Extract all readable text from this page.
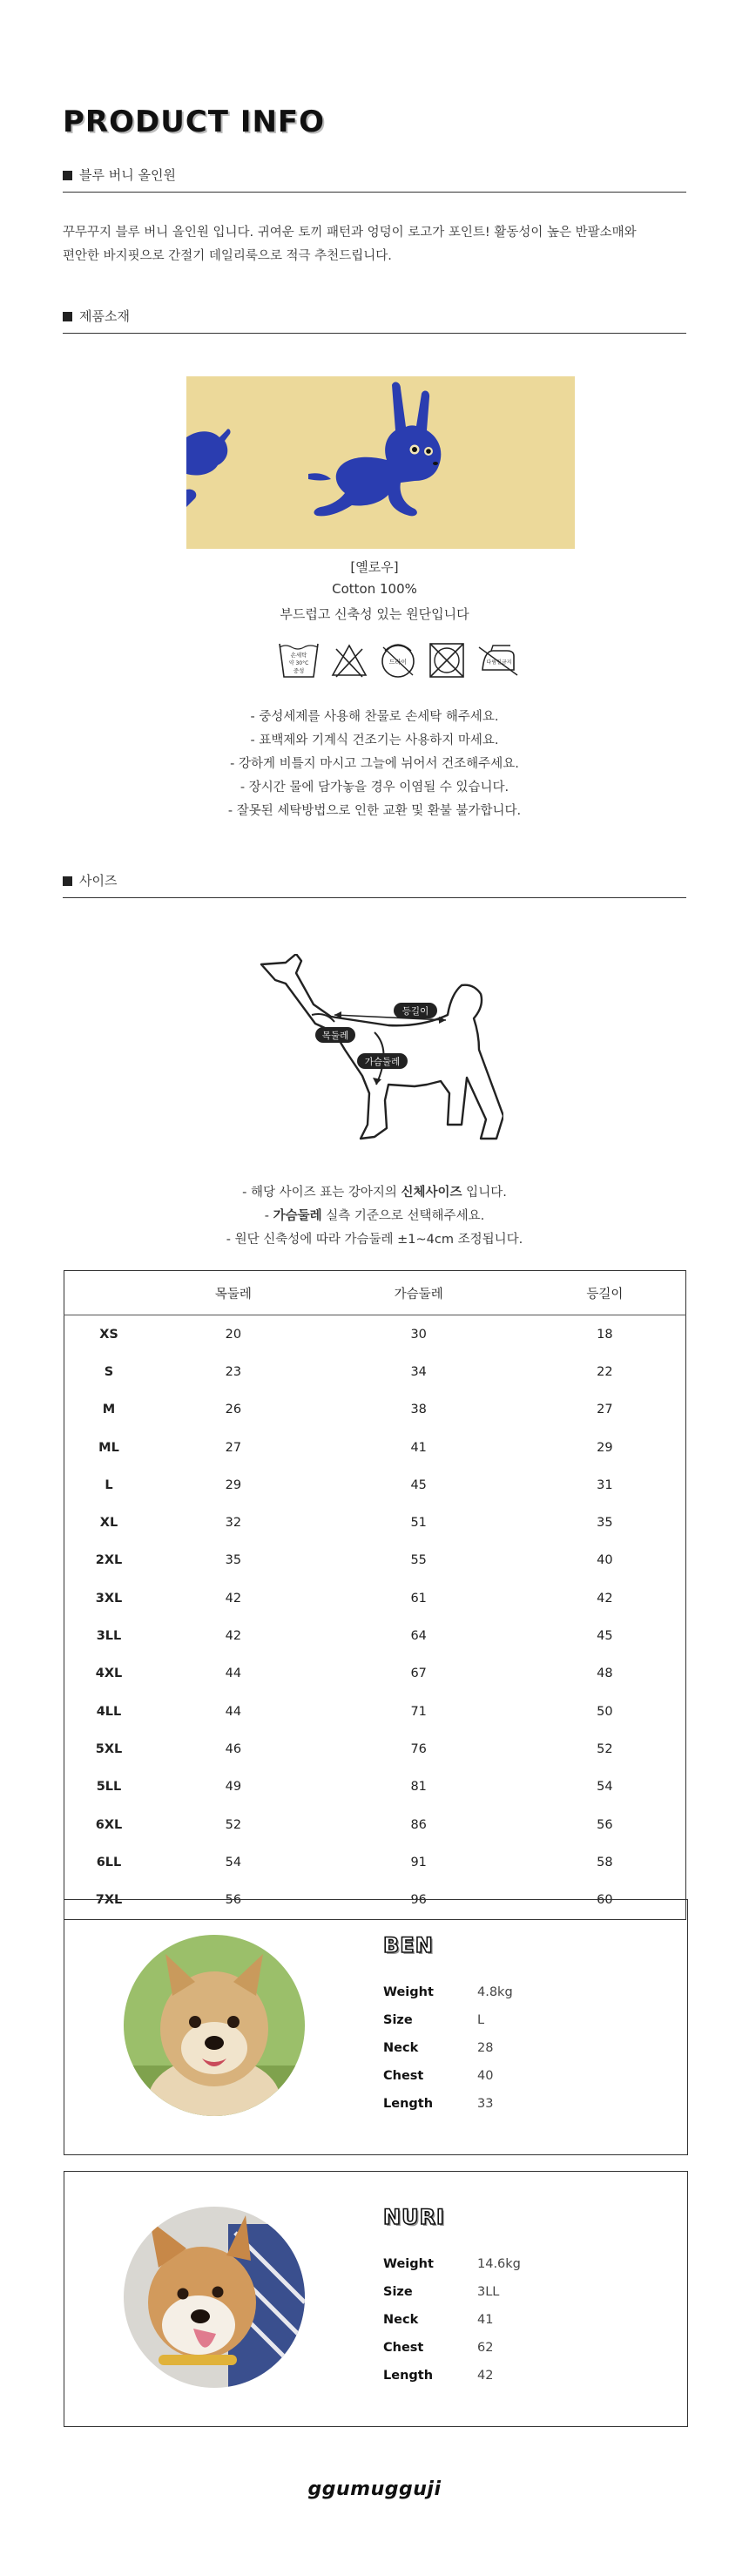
PRODUCT INFO
블루 버니 올인원

꾸무꾸지 블루 버니 올인원 입니다. 귀여운 토끼 패턴과 엉덩이 로고가 포인트! 활동성이 높은 반팔소매와
편안한 바지핏으로 간절기 데일리룩으로 적극 추천드립니다.

제품소재
[옐로우]
Cotton 100%
부드럽고 신축성 있는 원단입니다
손세탁
약 30°C
중성
드라이	다림질금지
- 중성세제를 사용해 찬물로 손세탁 해주세요.
- 표백제와 기계식 건조기는 사용하지 마세요.
- 강하게 비틀지 마시고 그늘에 뉘어서 건조해주세요.
- 장시간 물에 담가놓을 경우 이염될 수 있습니다.
- 잘못된 세탁방법으로 인한 교환 및 환불 불가합니다.
사이즈
등길이
목둘레
가슴둘레
- 해당 사이즈 표는 강아지의 신체사이즈 입니다.
- 가슴둘레 실측 기준으로 선택해주세요.
- 원단 신축성에 따라 가슴둘레 ±1~4cm 조정됩니다.
	목둘레	가슴둘레	등길이
XS	20	30	18
S	23	34	22
M	26	38	27
ML	27	41	29
L	29	45	31
XL	32	51	35
2XL	35	55	40
3XL	42	61	42
3LL	42	64	45
4XL	44	67	48
4LL	44	71	50
5XL	46	76	52
5LL	49	81	54
6XL	52	86	56
6LL	54	91	58
7XL	56	96	60
BEN
Weight	4.8kg
Size	L
Neck	28
Chest	40
Length	33
NURI
Weight	14.6kg
Size	3LL
Neck	41
Chest	62
Length	42
ggumugguji
